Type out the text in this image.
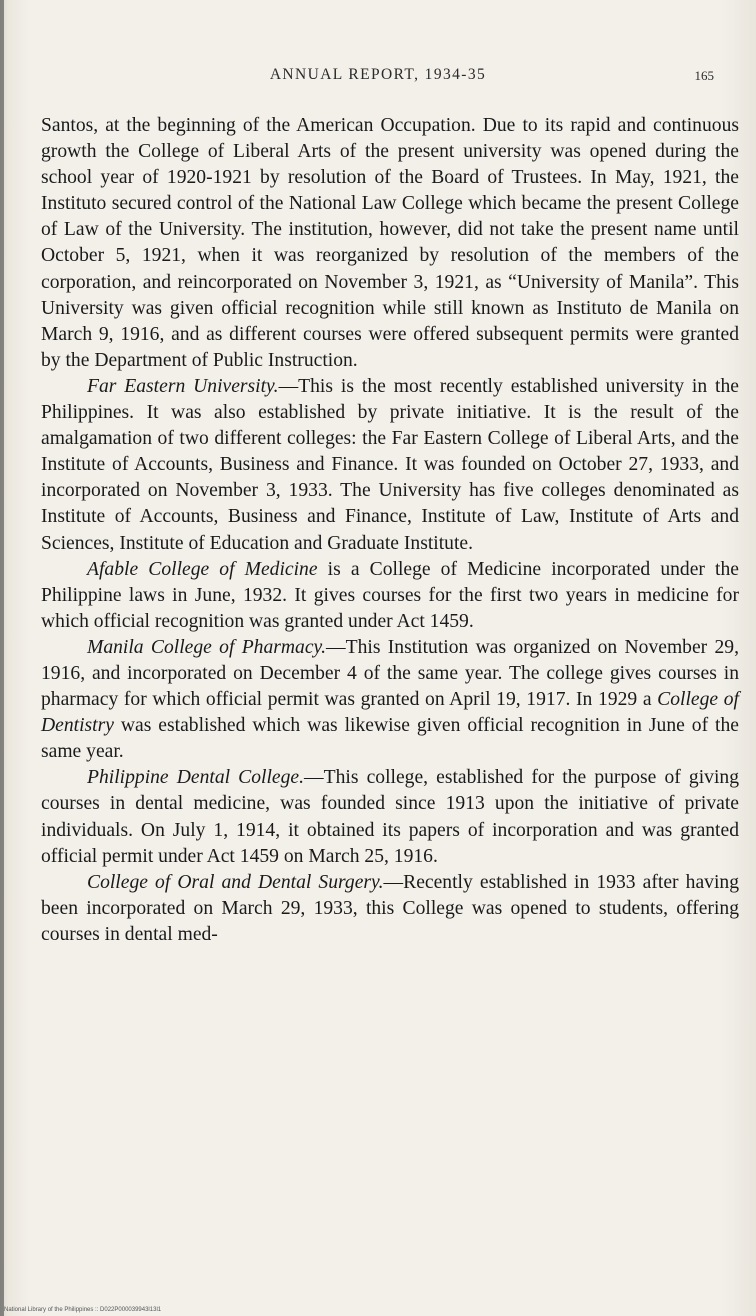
ANNUAL REPORT, 1934-35	165

Santos, at the beginning of the American Occupation. Due to its rapid and continuous growth the College of Liberal Arts of the present university was opened during the school year of 1920-1921 by resolution of the Board of Trustees. In May, 1921, the Instituto secured control of the National Law College which became the present College of Law of the University. The institution, however, did not take the present name until October 5, 1921, when it was reorganized by resolution of the members of the corporation, and reincorporated on November 3, 1921, as “University of Manila”. This University was given official recognition while still known as Instituto de Manila on March 9, 1916, and as different courses were offered subsequent permits were granted by the Department of Public Instruction.

Far Eastern University.—This is the most recently established university in the Philippines. It was also established by private initiative. It is the result of the amalgamation of two different colleges: the Far Eastern College of Liberal Arts, and the Institute of Accounts, Business and Finance. It was founded on October 27, 1933, and incorporated on November 3, 1933. The University has five colleges denominated as Institute of Accounts, Business and Finance, Institute of Law, Institute of Arts and Sciences, Institute of Education and Graduate Institute.

Afable College of Medicine is a College of Medicine incorporated under the Philippine laws in June, 1932. It gives courses for the first two years in medicine for which official recognition was granted under Act 1459.

Manila College of Pharmacy.—This Institution was organized on November 29, 1916, and incorporated on December 4 of the same year. The college gives courses in pharmacy for which official permit was granted on April 19, 1917. In 1929 a College of Dentistry was established which was likewise given official recognition in June of the same year.

Philippine Dental College.—This college, established for the purpose of giving courses in dental medicine, was founded since 1913 upon the initiative of private individuals. On July 1, 1914, it obtained its papers of incorporation and was granted official permit under Act 1459 on March 25, 1916.

College of Oral and Dental Surgery.—Recently established in 1933 after having been incorporated on March 29, 1933, this College was opened to students, offering courses in dental med-

National Library of the Philippines :: D022P000039943l13l1
